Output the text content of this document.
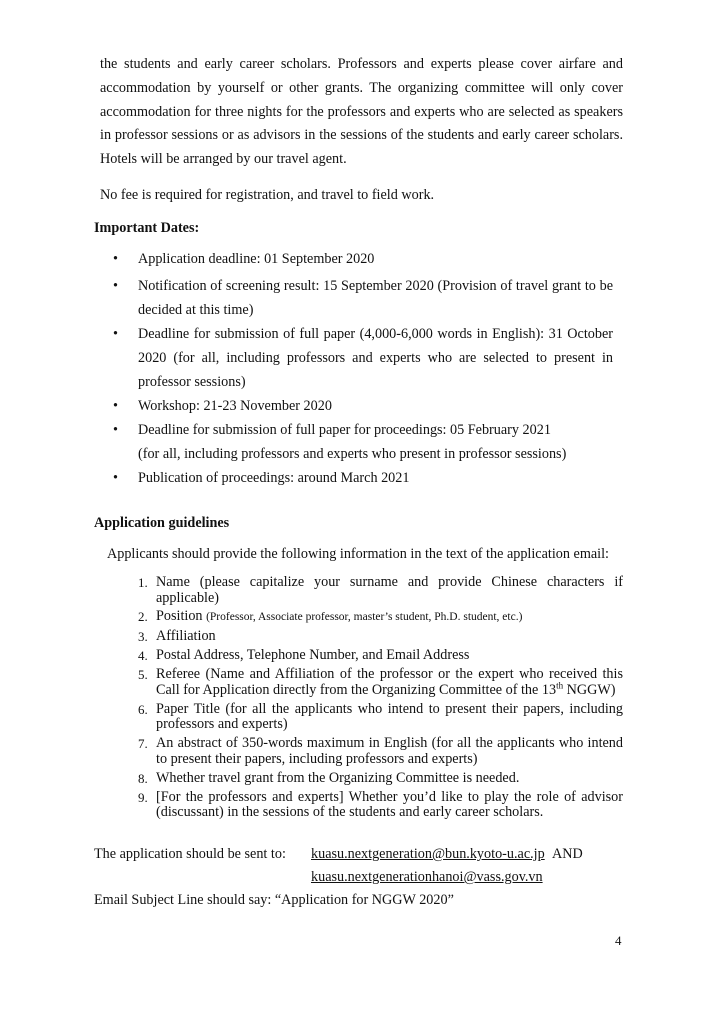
the students and early career scholars. Professors and experts please cover airfare and accommodation by yourself or other grants. The organizing committee will only cover accommodation for three nights for the professors and experts who are selected as speakers in professor sessions or as advisors in the sessions of the students and early career scholars. Hotels will be arranged by our travel agent.

No fee is required for registration, and travel to field work.
Important Dates:
• Application deadline: 01 September 2020
• Notification of screening result: 15 September 2020 (Provision of travel grant to be decided at this time)
• Deadline for submission of full paper (4,000-6,000 words in English): 31 October 2020 (for all, including professors and experts who are selected to present in professor sessions)
• Workshop: 21-23 November 2020
• Deadline for submission of full paper for proceedings: 05 February 2021
(for all, including professors and experts who present in professor sessions)
• Publication of proceedings: around March 2021
Application guidelines
Applicants should provide the following information in the text of the application email:
1. Name (please capitalize your surname and provide Chinese characters if applicable)
2. Position (Professor, Associate professor, master’s student, Ph.D. student, etc.)
3. Affiliation
4. Postal Address, Telephone Number, and Email Address
5. Referee (Name and Affiliation of the professor or the expert who received this Call for Application directly from the Organizing Committee of the 13th NGGW)
6. Paper Title (for all the applicants who intend to present their papers, including professors and experts)
7. An abstract of 350-words maximum in English (for all the applicants who intend to present their papers, including professors and experts)
8. Whether travel grant from the Organizing Committee is needed.
9. [For the professors and experts] Whether you’d like to play the role of advisor (discussant) in the sessions of the students and early career scholars.
The application should be sent to: kuasu.nextgeneration@bun.kyoto-u.ac.jp AND
kuasu.nextgenerationhanoi@vass.gov.vn
Email Subject Line should say: “Application for NGGW 2020”
4
